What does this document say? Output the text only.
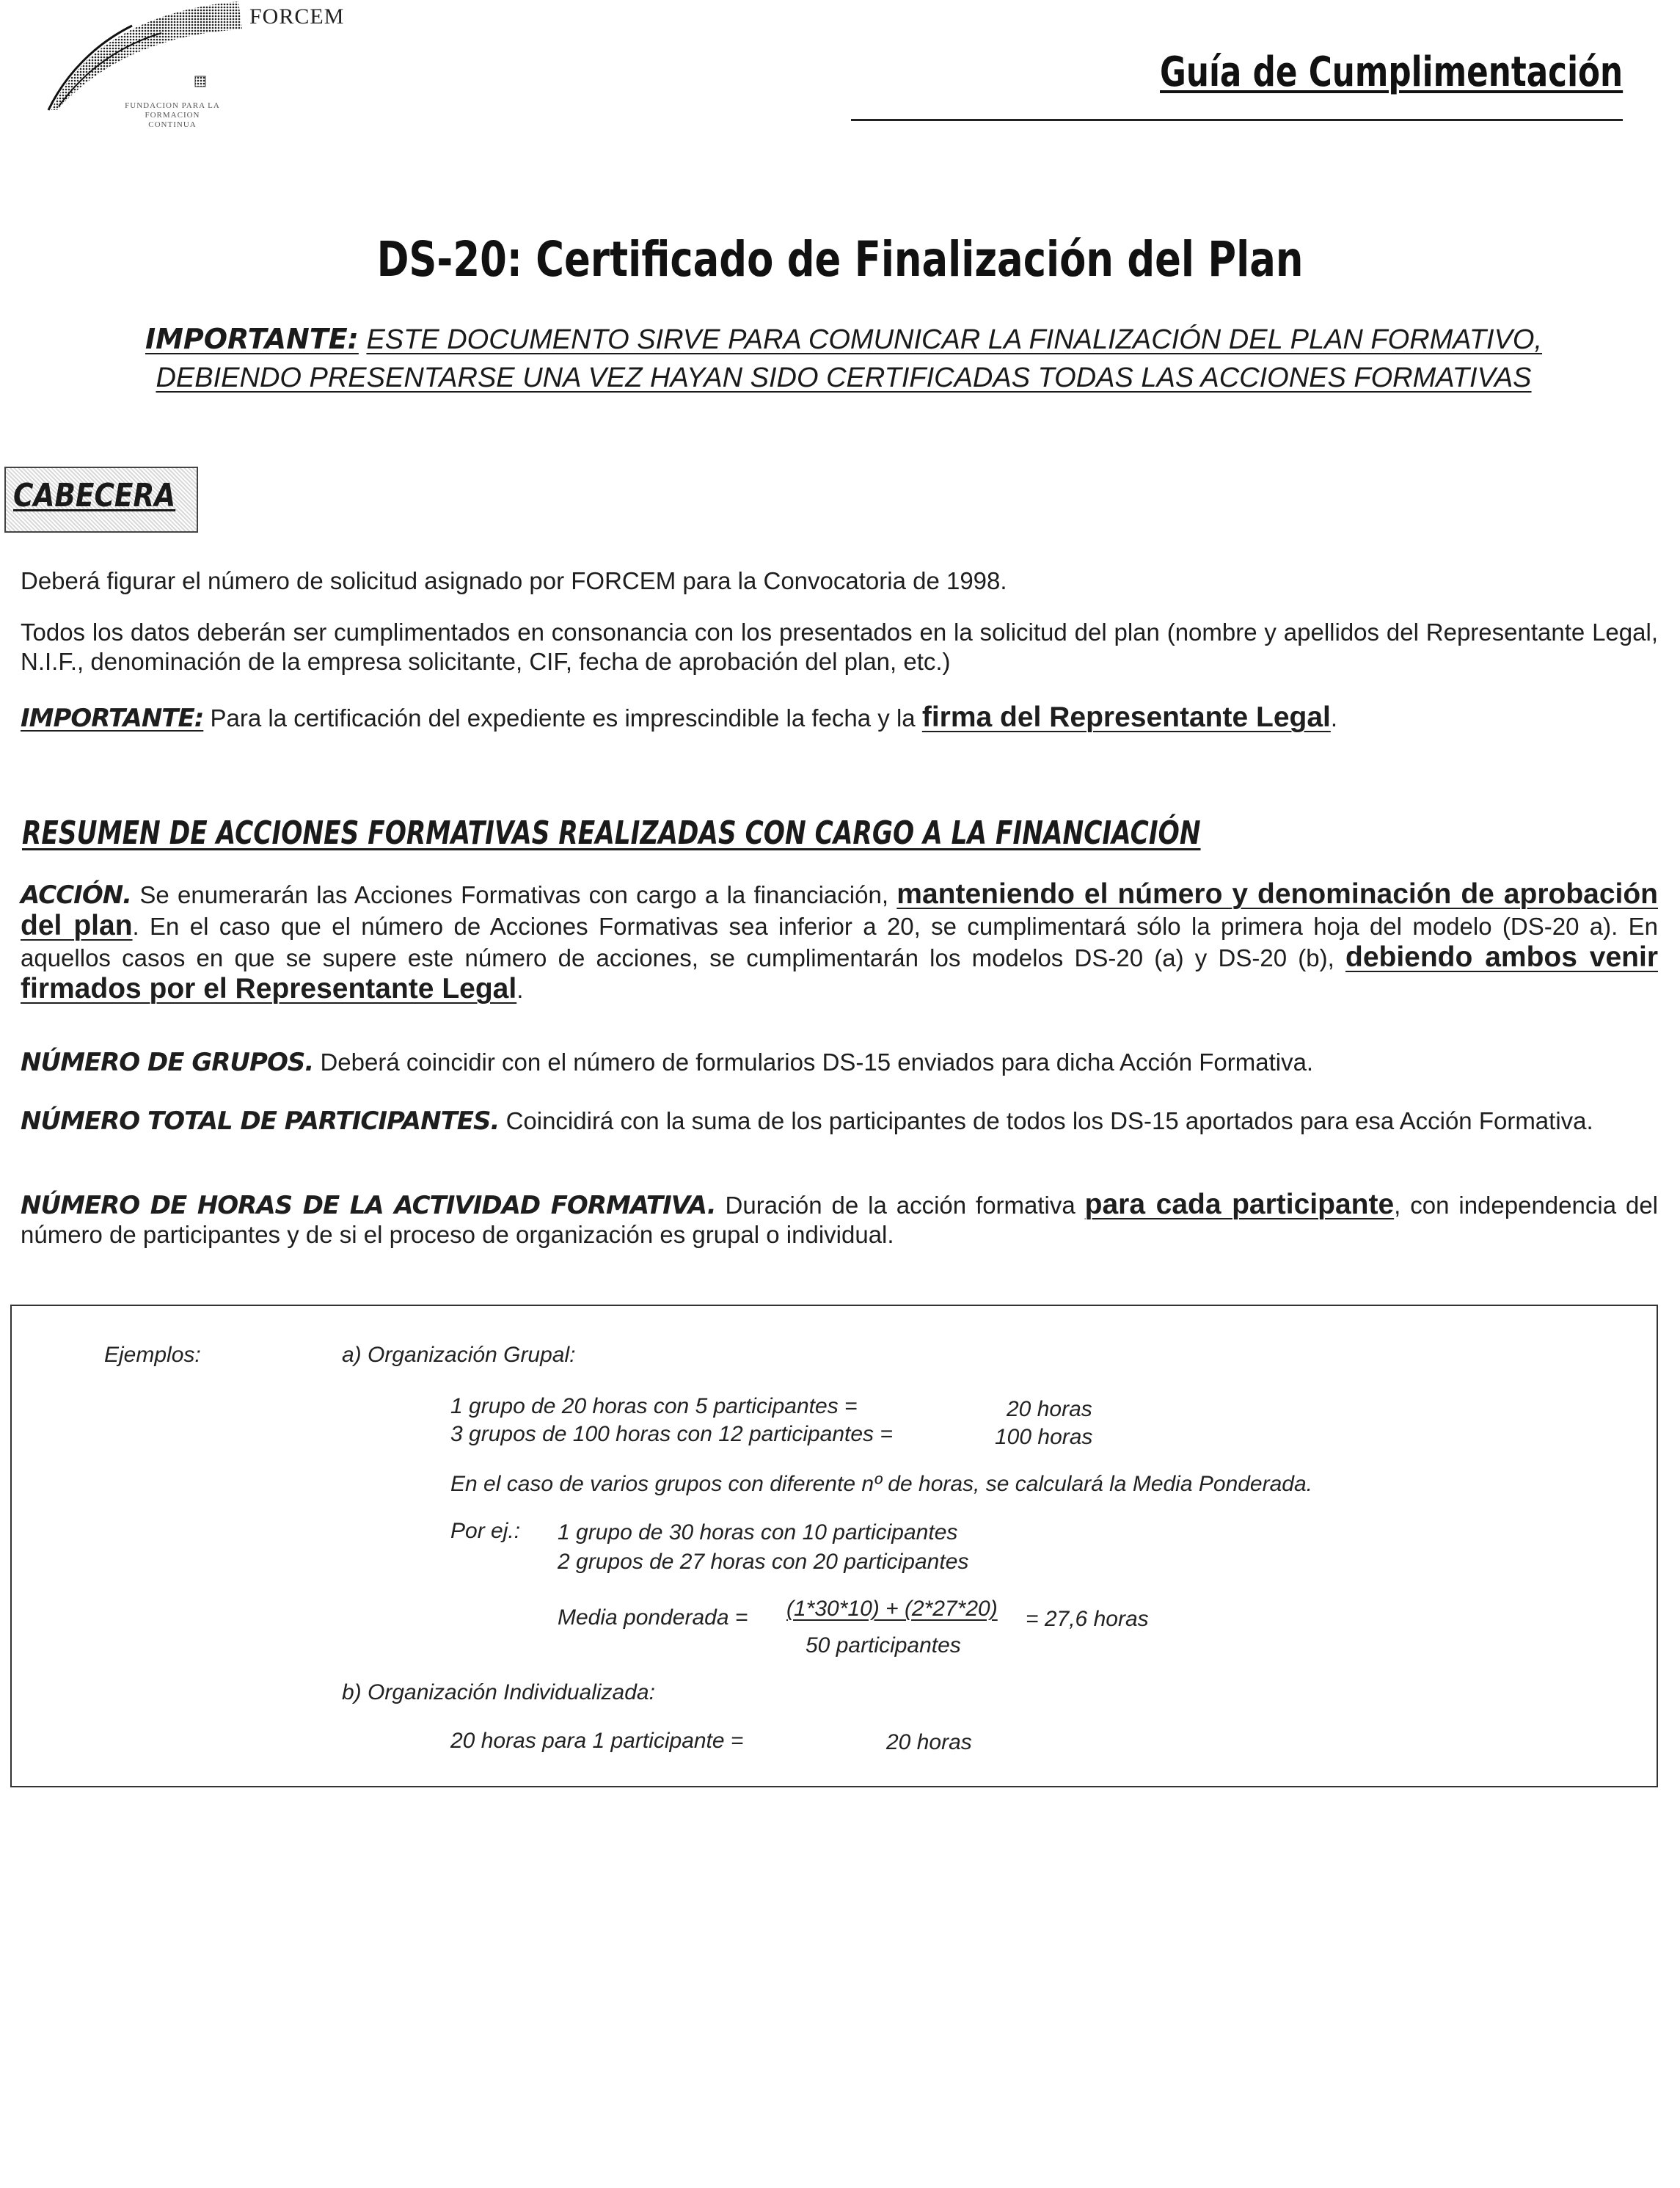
FORCEM
FUNDACION PARA LA FORMACION CONTINUA
Guía de Cumplimentación
DS-20: Certificado de Finalización del Plan
IMPORTANTE: ESTE DOCUMENTO SIRVE PARA COMUNICAR LA FINALIZACIÓN DEL PLAN FORMATIVO,
DEBIENDO PRESENTARSE UNA VEZ HAYAN SIDO CERTIFICADAS TODAS LAS ACCIONES FORMATIVAS
CABECERA
Deberá figurar el número de solicitud asignado por FORCEM para la Convocatoria de 1998.
Todos los datos deberán ser cumplimentados en consonancia con los presentados en la solicitud del plan (nombre y apellidos del Representante Legal, N.I.F., denominación de la empresa solicitante, CIF, fecha de aprobación del plan, etc.)
IMPORTANTE: Para la certificación del expediente es imprescindible la fecha y la firma del Representante Legal.
RESUMEN DE ACCIONES FORMATIVAS REALIZADAS CON CARGO A LA FINANCIACIÓN
ACCIÓN. Se enumerarán las Acciones Formativas con cargo a la financiación, manteniendo el número y denominación de aprobación del plan. En el caso que el número de Acciones Formativas sea inferior a 20, se cumplimentará sólo la primera hoja del modelo (DS-20 a). En aquellos casos en que se supere este número de acciones, se cumplimentarán los modelos DS-20 (a) y DS-20 (b), debiendo ambos venir firmados por el Representante Legal.
NÚMERO DE GRUPOS. Deberá coincidir con el número de formularios DS-15 enviados para dicha Acción Formativa.
NÚMERO TOTAL DE PARTICIPANTES. Coincidirá con la suma de los participantes de todos los DS-15 aportados para esa Acción Formativa.
NÚMERO DE HORAS DE LA ACTIVIDAD FORMATIVA. Duración de la acción formativa para cada participante, con independencia del número de participantes y de si el proceso de organización es grupal o individual.
Ejemplos:	a) Organización Grupal:
1 grupo de 20 horas con 5 participantes =	20 horas
3 grupos de 100 horas con 12 participantes =	100 horas
En el caso de varios grupos con diferente nº de horas, se calculará la Media Ponderada.
Por ej.: 1 grupo de 30 horas con 10 participantes
2 grupos de 27 horas con 20 participantes
Media ponderada = (1*30*10) + (2*27*20) = 27,6 horas
50 participantes
b) Organización Individualizada:
20 horas para 1 participante =	20 horas
